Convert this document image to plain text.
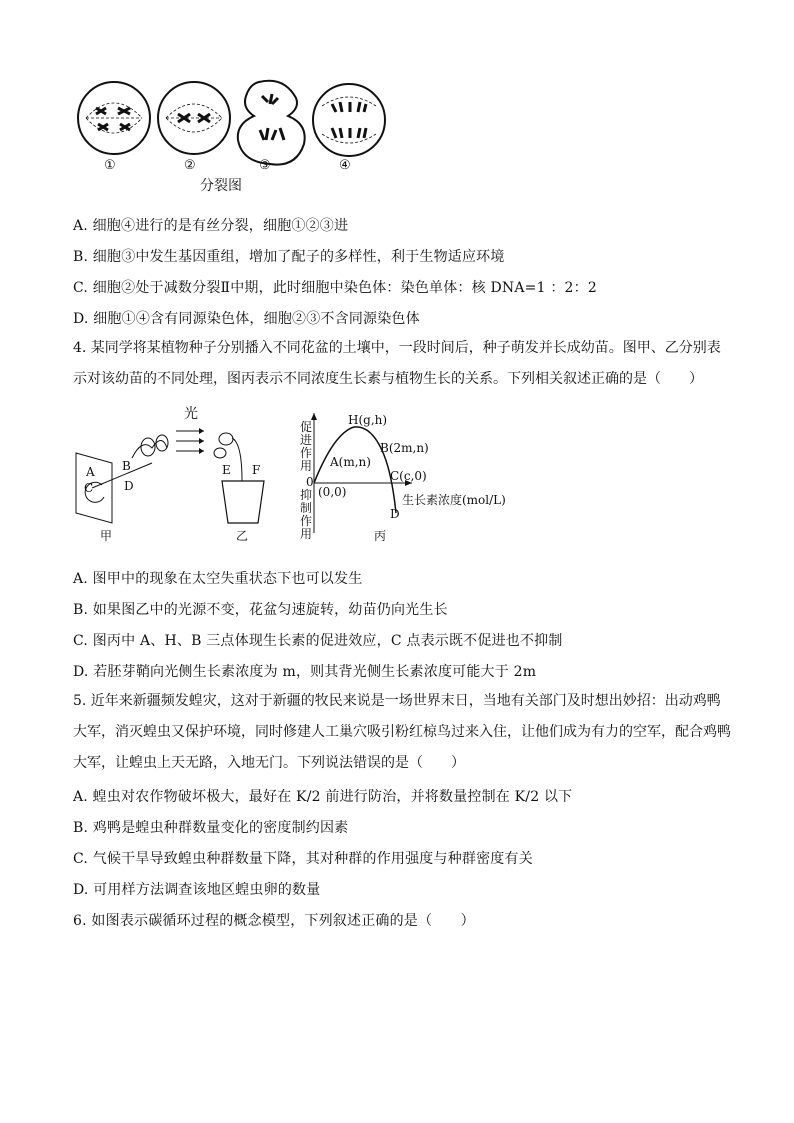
①	②	③	④
分裂图
A. 细胞④进行的是有丝分裂，细胞①②③进
B. 细胞③中发生基因重组，增加了配子的多样性，利于生物适应环境
C. 细胞②处于减数分裂Ⅱ中期，此时细胞中染色体：染色单体：核 DNA=1 ：2：2
D. 细胞①④含有同源染色体，细胞②③不含同源染色体
4. 某同学将某植物种子分别播入不同花盆的土壤中，一段时间后，种子萌发并长成幼苗。图甲、乙分别表示对该幼苗的不同处理，图丙表示不同浓度生长素与植物生长的关系。下列相关叙述正确的是（　　）
光
A B
C	D
甲
E F
乙
促进作用
抑制作用
0
(0,0)
生长素浓度(mol/L)
H(g,h)
B(2m,n)
A(m,n)
C(c,0)
D
丙
A. 图甲中的现象在太空失重状态下也可以发生
B. 如果图乙中的光源不变，花盆匀速旋转，幼苗仍向光生长
C. 图丙中 A、H、B 三点体现生长素的促进效应，C 点表示既不促进也不抑制
D. 若胚芽鞘向光侧生长素浓度为 m，则其背光侧生长素浓度可能大于 2m
5. 近年来新疆频发蝗灾，这对于新疆的牧民来说是一场世界末日，当地有关部门及时想出妙招：出动鸡鸭大军，消灭蝗虫又保护环境，同时修建人工巢穴吸引粉红椋鸟过来入住，让他们成为有力的空军，配合鸡鸭大军，让蝗虫上天无路，入地无门。下列说法错误的是（　　）
A. 蝗虫对农作物破坏极大，最好在 K/2 前进行防治，并将数量控制在 K/2 以下
B. 鸡鸭是蝗虫种群数量变化的密度制约因素
C. 气候干旱导致蝗虫种群数量下降，其对种群的作用强度与种群密度有关
D. 可用样方法调查该地区蝗虫卵的数量
6. 如图表示碳循环过程的概念模型，下列叙述正确的是（　　）
